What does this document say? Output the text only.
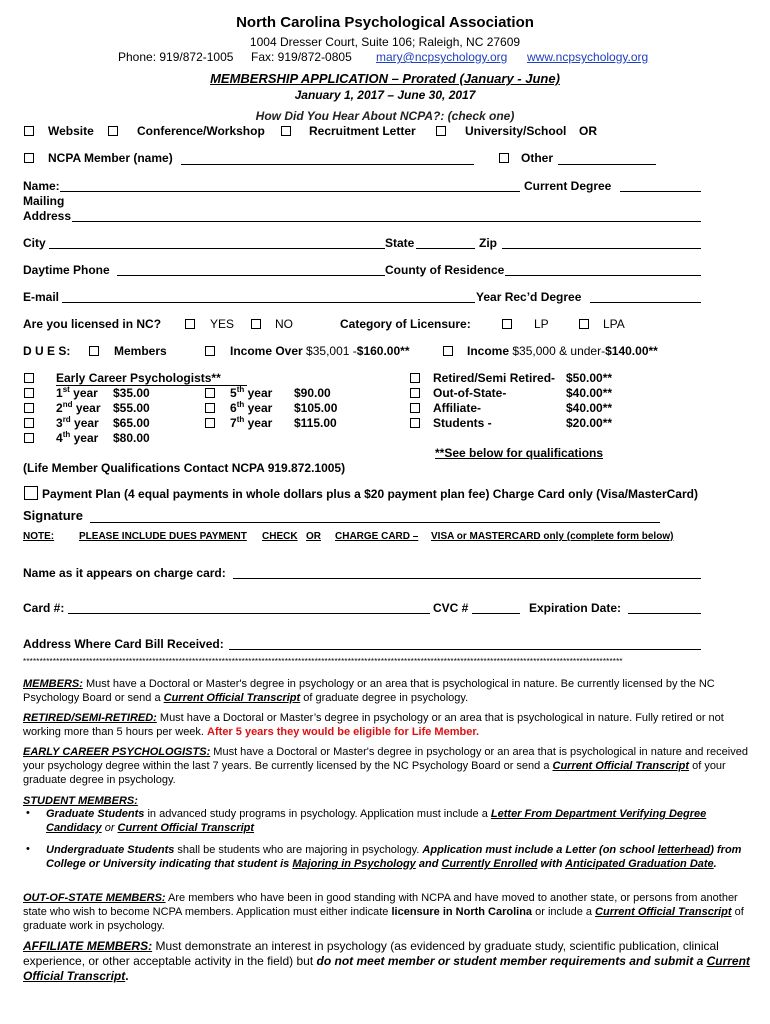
North Carolina Psychological Association
1004 Dresser Court, Suite 106; Raleigh, NC 27609
Phone: 919/872-1005 Fax: 919/872-0805 mary@ncpsychology.org www.ncpsychology.org
MEMBERSHIP APPLICATION – Prorated (January - June)
January 1, 2017 – June 30, 2017
How Did You Hear About NCPA?: (check one)
Website	Conference/Workshop	Recruitment Letter	University/School OR
NCPA Member (name)	Other
Name:	Current Degree
Mailing
Address
City	State	Zip
Daytime Phone	County of Residence
E-mail	Year Rec’d Degree
Are you licensed in NC?	YES	NO	Category of Licensure:	LP	LPA
D U E S:	Members	Income Over $35,001 -$160.00**	Income $35,000 & under-$140.00**
Early Career Psychologists**
1st year $35.00
2nd year $55.00
3rd year $65.00
4th year $80.00
5th year $90.00
6th year $105.00
7th year $115.00
Retired/Semi Retired- $50.00**
Out-of-State-	$40.00**
Affiliate-	$40.00**
Students -	$20.00**
**See below for qualifications
(Life Member Qualifications Contact NCPA 919.872.1005)
Payment Plan (4 equal payments in whole dollars plus a $20 payment plan fee) Charge Card only (Visa/MasterCard)
Signature
NOTE: PLEASE INCLUDE DUES PAYMENT CHECK OR CHARGE CARD – VISA or MASTERCARD only (complete form below)
Name as it appears on charge card:
Card #:	CVC #	Expiration Date:
Address Where Card Bill Received:
*************************************************************************************************************************************************************************************
MEMBERS: Must have a Doctoral or Master's degree in psychology or an area that is psychological in nature. Be currently licensed by the NC Psychology Board or send a Current Official Transcript of graduate degree in psychology.
RETIRED/SEMI-RETIRED: Must have a Doctoral or Master’s degree in psychology or an area that is psychological in nature. Fully retired or not working more than 5 hours per week. After 5 years they would be eligible for Life Member.
EARLY CAREER PSYCHOLOGISTS: Must have a Doctoral or Master's degree in psychology or an area that is psychological in nature and received your psychology degree within the last 7 years. Be currently licensed by the NC Psychology Board or send a Current Official Transcript of your graduate degree in psychology.
STUDENT MEMBERS:
• Graduate Students in advanced study programs in psychology. Application must include a Letter From Department Verifying Degree Candidacy or Current Official Transcript
• Undergraduate Students shall be students who are majoring in psychology. Application must include a Letter (on school letterhead) from College or University indicating that student is Majoring in Psychology and Currently Enrolled with Anticipated Graduation Date.
OUT-OF-STATE MEMBERS: Are members who have been in good standing with NCPA and have moved to another state, or persons from another state who wish to become NCPA members. Application must either indicate licensure in North Carolina or include a Current Official Transcript of graduate work in psychology.
AFFILIATE MEMBERS: Must demonstrate an interest in psychology (as evidenced by graduate study, scientific publication, clinical experience, or other acceptable activity in the field) but do not meet member or student member requirements and submit a Current Official Transcript.
